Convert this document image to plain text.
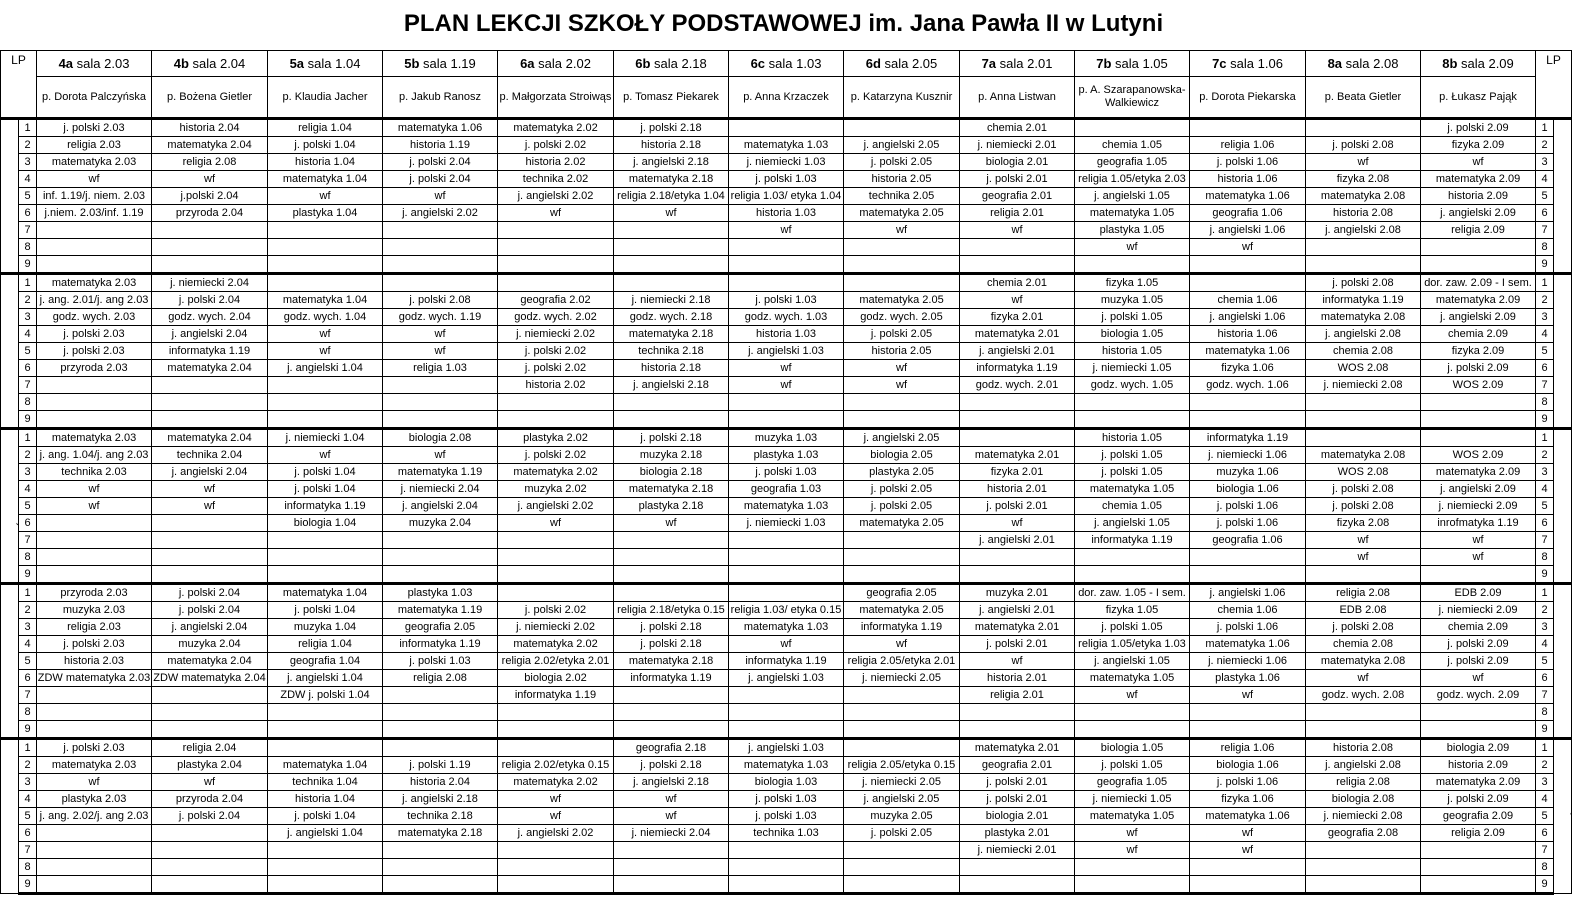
PLAN LEKCJI SZKOŁY PODSTAWOWEJ im. Jana Pawła II w Lutyni
LP		4a sala 2.03	4b sala 2.04	5a sala 1.04	5b sala 1.19	6a sala 2.02	6b sala 2.18	6c sala 1.03	6d sala 2.05	7a sala 2.01	7b sala 1.05	7c sala 1.06	8a sala 2.08	8b sala 2.09	LP	
		p. Dorota Palczyńska	p. Bożena Gietler	p. Klaudia Jacher	p. Jakub Ranosz	p. Małgorzata Stroiwąs	p. Tomasz Piekarek	p. Anna Krzaczek	p. Katarzyna Kusznir	p. Anna Listwan	p. A. Szarapanowska-Walkiewicz	p. Dorota Piekarska	p. Beata Gietler	p. Łukasz Pająk		
	1	j. polski 2.03	historia 2.04	religia 1.04	matematyka 1.06	matematyka 2.02	j. polski 2.18			chemia 2.01				j. polski 2.09	1	
	2	religia 2.03	matematyka 2.04	j. polski 1.04	historia 1.19	j. polski 2.02	historia 2.18	matematyka 1.03	j. angielski 2.05	j. niemiecki 2.01	chemia 1.05	religia 1.06	j. polski 2.08	fizyka 2.09	2	
	3	matematyka 2.03	religia 2.08	historia 1.04	j. polski 2.04	historia 2.02	j. angielski 2.18	j. niemiecki 1.03	j. polski 2.05	biologia 2.01	geografia 1.05	j. polski 1.06	wf	wf	3	
	4	wf	wf	matematyka 1.04	j. polski 2.04	technika 2.02	matematyka 2.18	j. polski 1.03	historia 2.05	j. polski 2.01	religia 1.05/etyka 2.03	historia 1.06	fizyka 2.08	matematyka 2.09	4	
	5	inf. 1.19/j. niem. 2.03	j.polski 2.04	wf	wf	j. angielski 2.02	religia 2.18/etyka 1.04	religia 1.03/ etyka 1.04	technika 2.05	geografia 2.01	j. angielski 1.05	matematyka 1.06	matematyka 2.08	historia 2.09	5	
	6	j.niem. 2.03/inf. 1.19	przyroda 2.04	plastyka 1.04	j. angielski 2.02	wf	wf	historia 1.03	matematyka 2.05	religia 2.01	matematyka 1.05	geografia 1.06	historia 2.08	j. angielski 2.09	6	
	7							wf	wf	wf	plastyka 1.05	j. angielski 1.06	j. angielski 2.08	religia 2.09	7	
	8										wf	wf			8	
	9														9	
	1	matematyka 2.03	j. niemiecki 2.04							chemia 2.01	fizyka 1.05		j. polski 2.08	dor. zaw. 2.09 - I sem.	1	
	2	j. ang. 2.01/j. ang 2.03	j. polski 2.04	matematyka 1.04	j. polski 2.08	geografia 2.02	j. niemiecki 2.18	j. polski 1.03	matematyka 2.05	wf	muzyka 1.05	chemia 1.06	informatyka 1.19	matematyka 2.09	2	
	3	godz. wych. 2.03	godz. wych. 2.04	godz. wych. 1.04	godz. wych. 1.19	godz. wych. 2.02	godz. wych. 2.18	godz. wych. 1.03	godz. wych. 2.05	fizyka 2.01	j. polski 1.05	j. angielski 1.06	matematyka 2.08	j. angielski 2.09	3	
	4	j. polski 2.03	j. angielski 2.04	wf	wf	j. niemiecki 2.02	matematyka 2.18	historia 1.03	j. polski 2.05	matematyka 2.01	biologia 1.05	historia 1.06	j. angielski 2.08	chemia 2.09	4	
	5	j. polski 2.03	informatyka 1.19	wf	wf	j. polski 2.02	technika 2.18	j. angielski 1.03	historia 2.05	j. angielski 2.01	historia 1.05	matematyka 1.06	chemia 2.08	fizyka 2.09	5	
	6	przyroda 2.03	matematyka 2.04	j. angielski 1.04	religia 1.03	j. polski 2.02	historia 2.18	wf	wf	informatyka 1.19	j. niemiecki 1.05	fizyka 1.06	WOS 2.08	j. polski 2.09	6	
	7					historia 2.02	j. angielski 2.18	wf	wf	godz. wych. 2.01	godz. wych. 1.05	godz. wych. 1.06	j. niemiecki 2.08	WOS 2.09	7	
	8														8	
	9														9	
	1	matematyka 2.03	matematyka 2.04	j. niemiecki 1.04	biologia 2.08	plastyka 2.02	j. polski 2.18	muzyka 1.03	j. angielski 2.05		historia 1.05	informatyka 1.19			1	
	2	j. ang. 1.04/j. ang 2.03	technika 2.04	wf	wf	j. polski 2.02	muzyka 2.18	plastyka 1.03	biologia 2.05	matematyka 2.01	j. polski 1.05	j. niemiecki 1.06	matematyka 2.08	WOS 2.09	2	
	3	technika 2.03	j. angielski 2.04	j. polski 1.04	matematyka 1.19	matematyka 2.02	biologia 2.18	j. polski 1.03	plastyka 2.05	fizyka 2.01	j. polski 1.05	muzyka 1.06	WOS 2.08	matematyka 2.09	3	
	4	wf	wf	j. polski 1.04	j. niemiecki 2.04	muzyka 2.02	matematyka 2.18	geografia 1.03	j. polski 2.05	historia 2.01	matematyka 1.05	biologia 1.06	j. polski 2.08	j. angielski 2.09	4	
	5	wf	wf	informatyka 1.19	j. angielski 2.04	j. angielski 2.02	plastyka 2.18	matematyka 1.03	j. polski 2.05	j. polski 2.01	chemia 1.05	j. polski 1.06	j. polski 2.08	j. niemiecki 2.09	5	
	6			biologia 1.04	muzyka 2.04	wf	wf	j. niemiecki 1.03	matematyka 2.05	wf	j. angielski 1.05	j. polski 1.06	fizyka 2.08	inrofmatyka 1.19	6	
	7									j. angielski 2.01	informatyka 1.19	geografia 1.06	wf	wf	7	
	8												wf	wf	8	
	9														9	
	1	przyroda 2.03	j. polski 2.04	matematyka 1.04	plastyka 1.03				geografia 2.05	muzyka 2.01	dor. zaw. 1.05 - I sem.	j. angielski 1.06	religia 2.08	EDB 2.09	1	
	2	muzyka 2.03	j. polski 2.04	j. polski 1.04	matematyka 1.19	j. polski 2.02	religia 2.18/etyka 0.15	religia 1.03/ etyka 0.15	matematyka 2.05	j. angielski 2.01	fizyka 1.05	chemia 1.06	EDB 2.08	j. niemiecki 2.09	2	
	3	religia 2.03	j. angielski 2.04	muzyka 1.04	geografia 2.05	j. niemiecki 2.02	j. polski 2.18	matematyka 1.03	informatyka 1.19	matematyka 2.01	j. polski 1.05	j. polski 1.06	j. polski 2.08	chemia 2.09	3	
	4	j. polski 2.03	muzyka 2.04	religia 1.04	informatyka 1.19	matematyka 2.02	j. polski 2.18	wf	wf	j. polski 2.01	religia 1.05/etyka 1.03	matematyka 1.06	chemia 2.08	j. polski 2.09	4	
	5	historia 2.03	matematyka 2.04	geografia 1.04	j. polski 1.03	religia 2.02/etyka 2.01	matematyka 2.18	informatyka 1.19	religia 2.05/etyka 2.01	wf	j. angielski 1.05	j. niemiecki 1.06	matematyka 2.08	j. polski 2.09	5	
	6	ZDW matematyka 2.03	ZDW matematyka 2.04	j. angielski 1.04	religia 2.08	biologia 2.02	informatyka 1.19	j. angielski 1.03	j. niemiecki 2.05	historia 2.01	matematyka 1.05	plastyka 1.06	wf	wf	6	
	7			ZDW j. polski 1.04		informatyka 1.19				religia 2.01	wf	wf	godz. wych. 2.08	godz. wych. 2.09	7	
	8														8	
	9														9	
	1	j. polski 2.03	religia 2.04				geografia 2.18	j. angielski 1.03		matematyka 2.01	biologia 1.05	religia 1.06	historia 2.08	biologia 2.09	1	
	2	matematyka 2.03	plastyka 2.04	matematyka 1.04	j. polski 1.19	religia 2.02/etyka 0.15	j. polski 2.18	matematyka 1.03	religia 2.05/etyka 0.15	geografia 2.01	j. polski 1.05	biologia 1.06	j. angielski 2.08	historia 2.09	2	
	3	wf	wf	technika 1.04	historia 2.04	matematyka 2.02	j. angielski 2.18	biologia 1.03	j. niemiecki 2.05	j. polski 2.01	geografia 1.05	j. polski 1.06	religia 2.08	matematyka 2.09	3	
	4	plastyka 2.03	przyroda 2.04	historia 1.04	j. angielski 2.18	wf	wf	j. polski 1.03	j. angielski 2.05	j. polski 2.01	j. niemiecki 1.05	fizyka 1.06	biologia 2.08	j. polski 2.09	4	
	5	j. ang. 2.02/j. ang 2.03	j. polski 2.04	j. polski 1.04	technika 2.18	wf	wf	j. polski 1.03	muzyka 2.05	biologia 2.01	matematyka 1.05	matematyka 1.06	j. niemiecki 2.08	geografia 2.09	5	
	6			j. angielski 1.04	matematyka 2.18	j. angielski 2.02	j. niemiecki 2.04	technika 1.03	j. polski 2.05	plastyka 2.01	wf	wf	geografia 2.08	religia 2.09	6	
	7									j. niemiecki 2.01	wf	wf			7	
	8														8	
	9														9	
